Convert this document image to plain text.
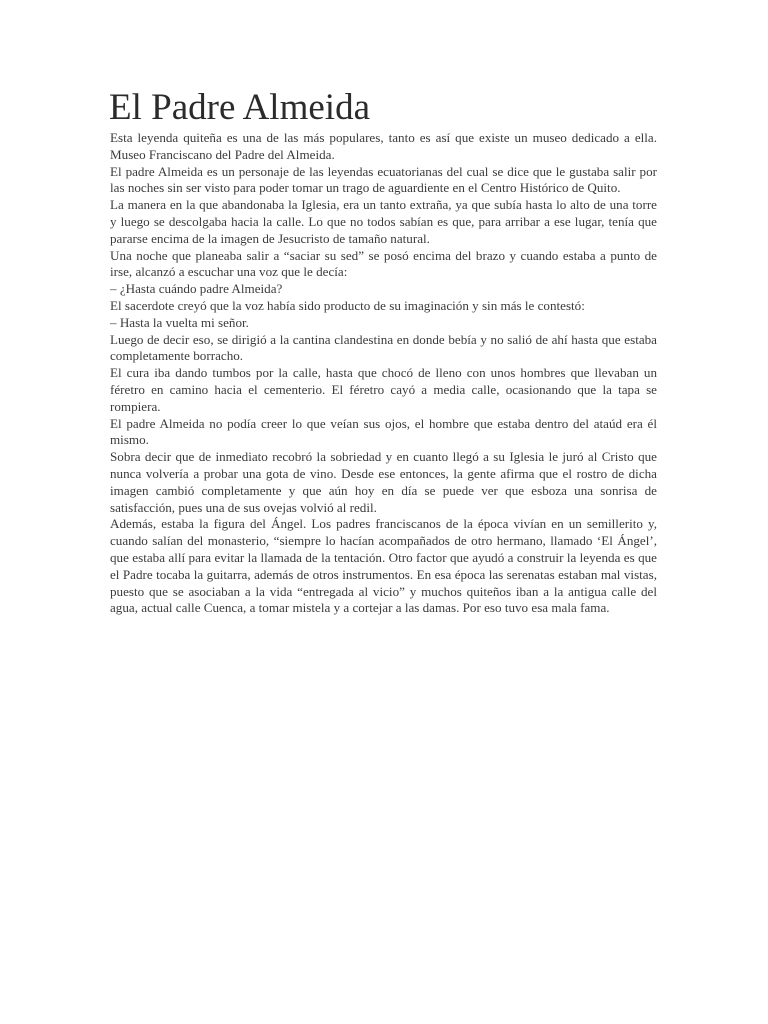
El Padre Almeida

Esta leyenda quiteña es una de las más populares, tanto es así que existe un museo dedicado a ella. Museo Franciscano del Padre del Almeida.

El padre Almeida es un personaje de las leyendas ecuatorianas del cual se dice que le gustaba salir por las noches sin ser visto para poder tomar un trago de aguardiente en el Centro Histórico de Quito.

La manera en la que abandonaba la Iglesia, era un tanto extraña, ya que subía hasta lo alto de una torre y luego se descolgaba hacia la calle. Lo que no todos sabían es que, para arribar a ese lugar, tenía que pararse encima de la imagen de Jesucristo de tamaño natural.

Una noche que planeaba salir a “saciar su sed” se posó encima del brazo y cuando estaba a punto de irse, alcanzó a escuchar una voz que le decía:

– ¿Hasta cuándo padre Almeida?

El sacerdote creyó que la voz había sido producto de su imaginación y sin más le contestó:

– Hasta la vuelta mi señor.

Luego de decir eso, se dirigió a la cantina clandestina en donde bebía y no salió de ahí hasta que estaba completamente borracho.

El cura iba dando tumbos por la calle, hasta que chocó de lleno con unos hombres que llevaban un féretro en camino hacia el cementerio. El féretro cayó a media calle, ocasionando que la tapa se rompiera.

El padre Almeida no podía creer lo que veían sus ojos, el hombre que estaba dentro del ataúd era él mismo.

Sobra decir que de inmediato recobró la sobriedad y en cuanto llegó a su Iglesia le juró al Cristo que nunca volvería a probar una gota de vino. Desde ese entonces, la gente afirma que el rostro de dicha imagen cambió completamente y que aún hoy en día se puede ver que esboza una sonrisa de satisfacción, pues una de sus ovejas volvió al redil.

Además, estaba la figura del Ángel. Los padres franciscanos de la época vivían en un semillerito y, cuando salían del monasterio, “siempre lo hacían acompañados de otro hermano, llamado ‘El Ángel’, que estaba allí para evitar la llamada de la tentación. Otro factor que ayudó a construir la leyenda es que el Padre tocaba la guitarra, además de otros instrumentos. En esa época las serenatas estaban mal vistas, puesto que se asociaban a la vida “entregada al vicio” y muchos quiteños iban a la antigua calle del agua, actual calle Cuenca, a tomar mistela y a cortejar a las damas. Por eso tuvo esa mala fama.
